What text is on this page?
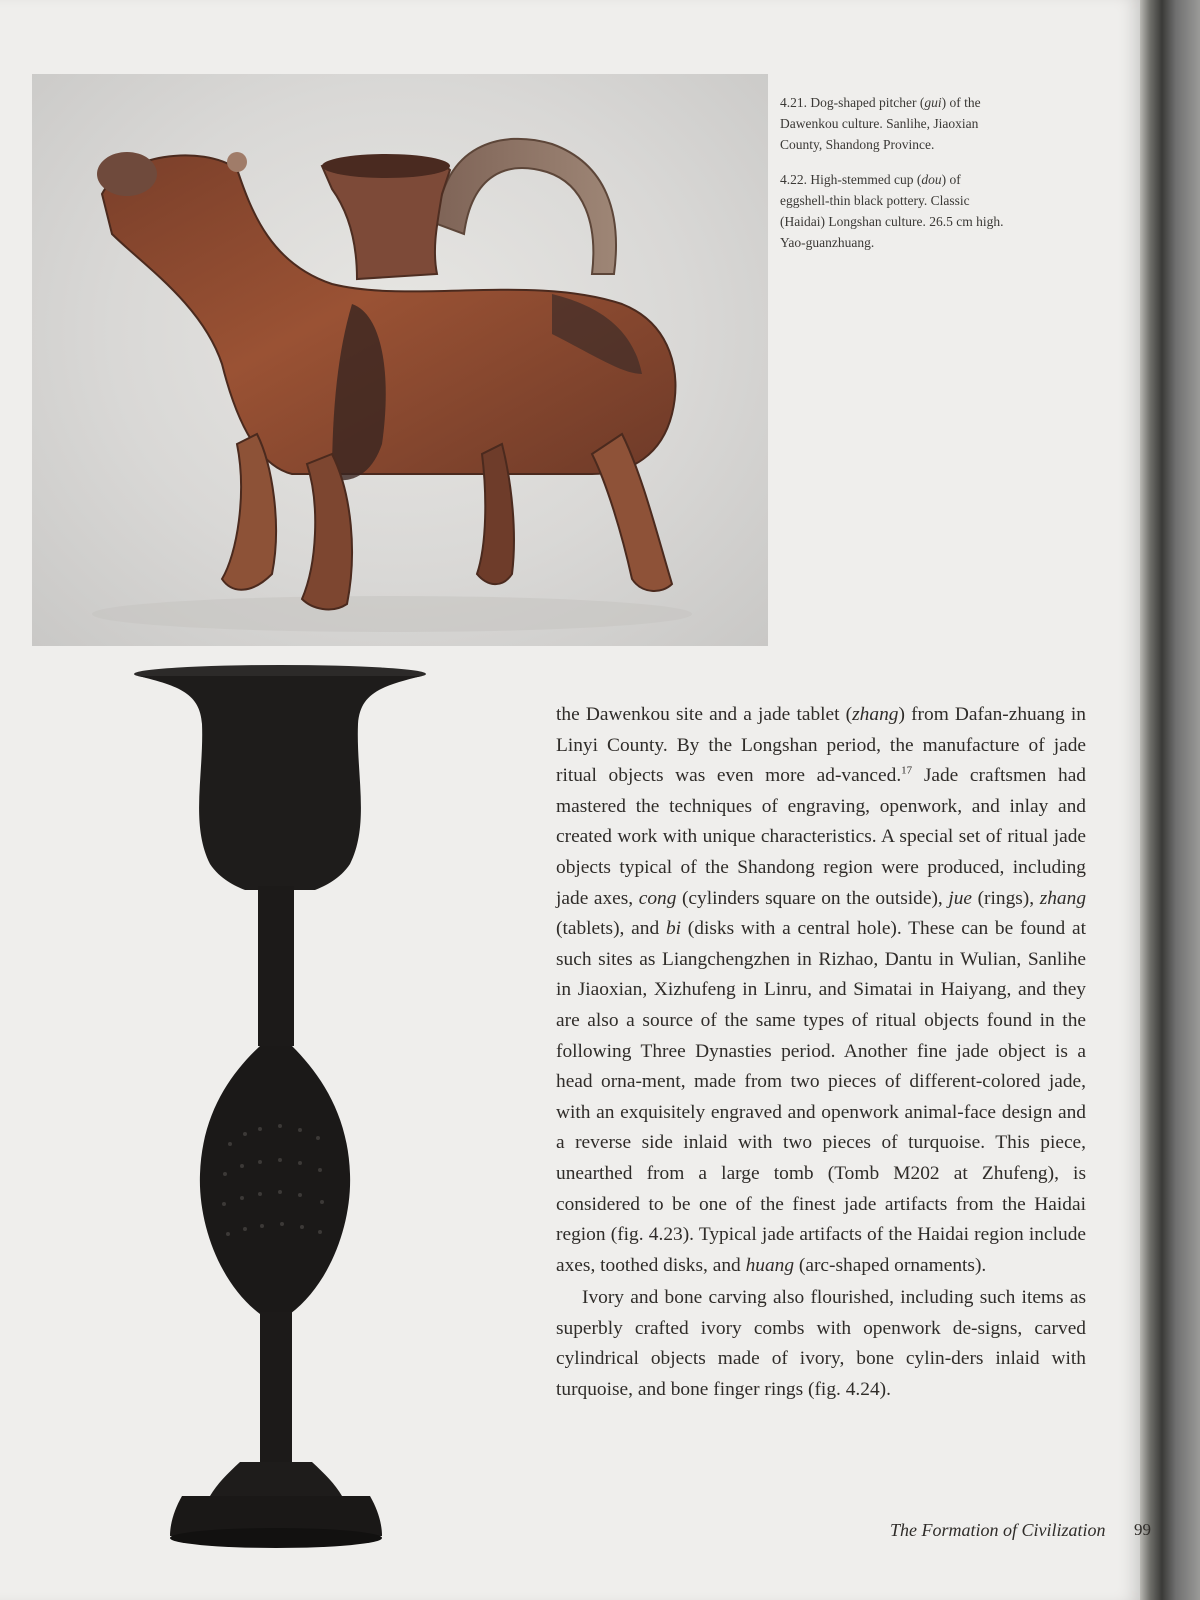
4.21. Dog-shaped pitcher (gui) of the Dawenkou culture. Sanlihe, Jiaoxian County, Shandong Province.

4.22. High-stemmed cup (dou) of eggshell-thin black pottery. Classic (Haidai) Longshan culture. 26.5 cm high. Yao-guanzhuang.

the Dawenkou site and a jade tablet (zhang) from Dafan-zhuang in Linyi County. By the Longshan period, the manufacture of jade ritual objects was even more ad-vanced.$^{17}$ Jade craftsmen had mastered the techniques of engraving, openwork, and inlay and created work with unique characteristics. A special set of ritual jade objects typical of the Shandong region were produced, including jade axes, cong (cylinders square on the outside), jue (rings), zhang (tablets), and bi (disks with a central hole). These can be found at such sites as Liangchengzhen in Rizhao, Dantu in Wulian, Sanlihe in Jiaoxian, Xizhufeng in Linru, and Simatai in Haiyang, and they are also a source of the same types of ritual objects found in the following Three Dynasties period. Another fine jade object is a head orna-ment, made from two pieces of different-colored jade, with an exquisitely engraved and openwork animal-face design and a reverse side inlaid with two pieces of turquoise. This piece, unearthed from a large tomb (Tomb M202 at Zhufeng), is considered to be one of the finest jade artifacts from the Haidai region (fig. 4.23). Typical jade artifacts of the Haidai region include axes, toothed disks, and huang (arc-shaped ornaments).

Ivory and bone carving also flourished, including such items as superbly crafted ivory combs with openwork de-signs, carved cylindrical objects made of ivory, bone cylin-ders inlaid with turquoise, and bone finger rings (fig. 4.24).

The Formation of Civilization 99
